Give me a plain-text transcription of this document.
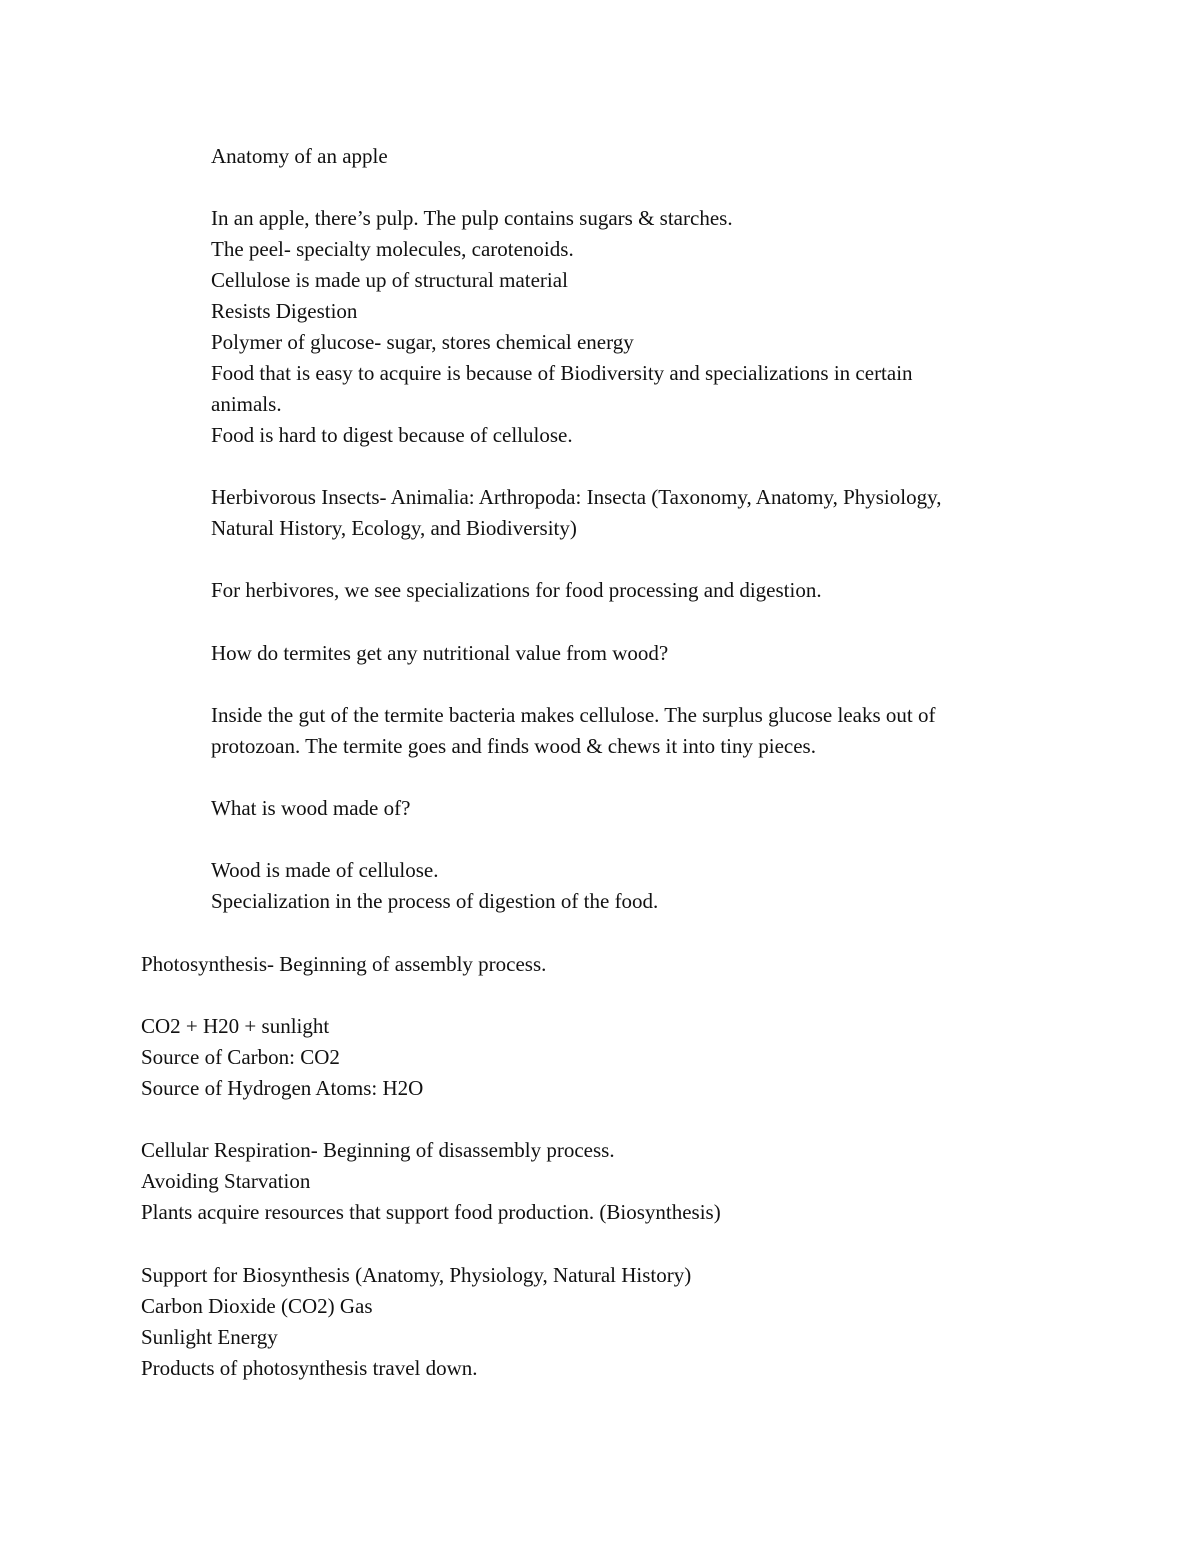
Anatomy of an apple
In an apple, there’s pulp. The pulp contains sugars & starches.
The peel- specialty molecules, carotenoids.
Cellulose is made up of structural material
Resists Digestion
Polymer of glucose- sugar, stores chemical energy
Food that is easy to acquire is because of Biodiversity and specializations in certain
animals.
Food is hard to digest because of cellulose.
Herbivorous Insects- Animalia: Arthropoda: Insecta (Taxonomy, Anatomy, Physiology,
Natural History, Ecology, and Biodiversity)
For herbivores, we see specializations for food processing and digestion.
How do termites get any nutritional value from wood?
Inside the gut of the termite bacteria makes cellulose. The surplus glucose leaks out of
protozoan. The termite goes and finds wood & chews it into tiny pieces.
What is wood made of?
Wood is made of cellulose.
Specialization in the process of digestion of the food.
Photosynthesis- Beginning of assembly process.
CO2 + H20 + sunlight
Source of Carbon: CO2
Source of Hydrogen Atoms: H2O
Cellular Respiration- Beginning of disassembly process.
Avoiding Starvation
Plants acquire resources that support food production. (Biosynthesis)
Support for Biosynthesis (Anatomy, Physiology, Natural History)
Carbon Dioxide (CO2) Gas
Sunlight Energy
Products of photosynthesis travel down.
